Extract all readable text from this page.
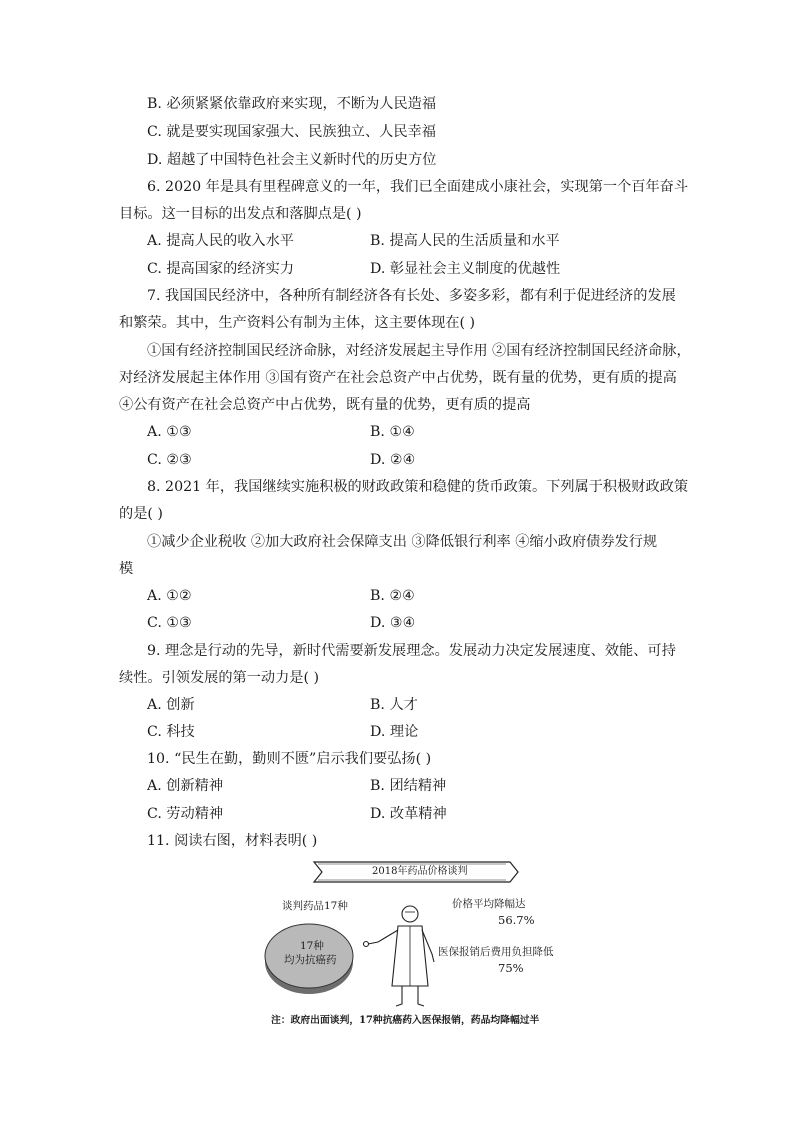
B. 必须紧紧依靠政府来实现，不断为人民造福
C. 就是要实现国家强大、民族独立、人民幸福
D. 超越了中国特色社会主义新时代的历史方位
6. 2020 年是具有里程碑意义的一年，我们已全面建成小康社会，实现第一个百年奋斗
目标。这一目标的出发点和落脚点是( )
A. 提高人民的收入水平	B. 提高人民的生活质量和水平
C. 提高国家的经济实力	D. 彰显社会主义制度的优越性
7. 我国国民经济中，各种所有制经济各有长处、多姿多彩，都有利于促进经济的发展
和繁荣。其中，生产资料公有制为主体，这主要体现在( )
①国有经济控制国民经济命脉，对经济发展起主导作用 ②国有经济控制国民经济命脉，
对经济发展起主体作用 ③国有资产在社会总资产中占优势，既有量的优势，更有质的提高
④公有资产在社会总资产中占优势，既有量的优势，更有质的提高
A. ①③	B. ①④
C. ②③	D. ②④
8. 2021 年，我国继续实施积极的财政政策和稳健的货币政策。下列属于积极财政政策
的是( )
①减少企业税收 ②加大政府社会保障支出 ③降低银行利率 ④缩小政府债券发行规
模
A. ①②	B. ②④
C. ①③	D. ③④
9. 理念是行动的先导，新时代需要新发展理念。发展动力决定发展速度、效能、可持
续性。引领发展的第一动力是( )
A. 创新	B. 人才
C. 科技	D. 理论
10. “民生在勤，勤则不匮”启示我们要弘扬( )
A. 创新精神	B. 团结精神
C. 劳动精神	D. 改革精神
11. 阅读右图，材料表明( )
2018年药品价格谈判
谈判药品17种
17种
均为抗癌药
价格平均降幅达
56.7%
医保报销后费用负担降低
75%
注：政府出面谈判，17种抗癌药入医保报销，药品均降幅过半
